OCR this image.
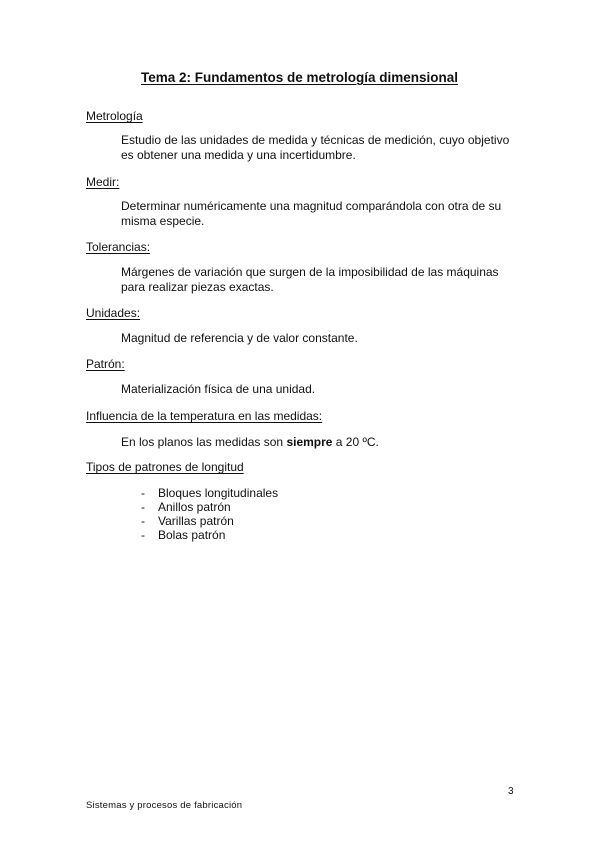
Tema 2: Fundamentos de metrología dimensional
Metrología
Estudio de las unidades de medida y técnicas de medición, cuyo objetivo es obtener una medida y una incertidumbre.
Medir:
Determinar numéricamente una magnitud comparándola con otra de su misma especie.
Tolerancias:
Márgenes de variación que surgen de la imposibilidad de las máquinas para realizar piezas exactas.
Unidades:
Magnitud de referencia y de valor constante.
Patrón:
Materialización física de una unidad.
Influencia de la temperatura en las medidas:
En los planos las medidas son siempre a 20 ºC.
Tipos de patrones de longitud
- Bloques longitudinales
- Anillos patrón
- Varillas patrón
- Bolas patrón
3
Sistemas y procesos de fabricación
